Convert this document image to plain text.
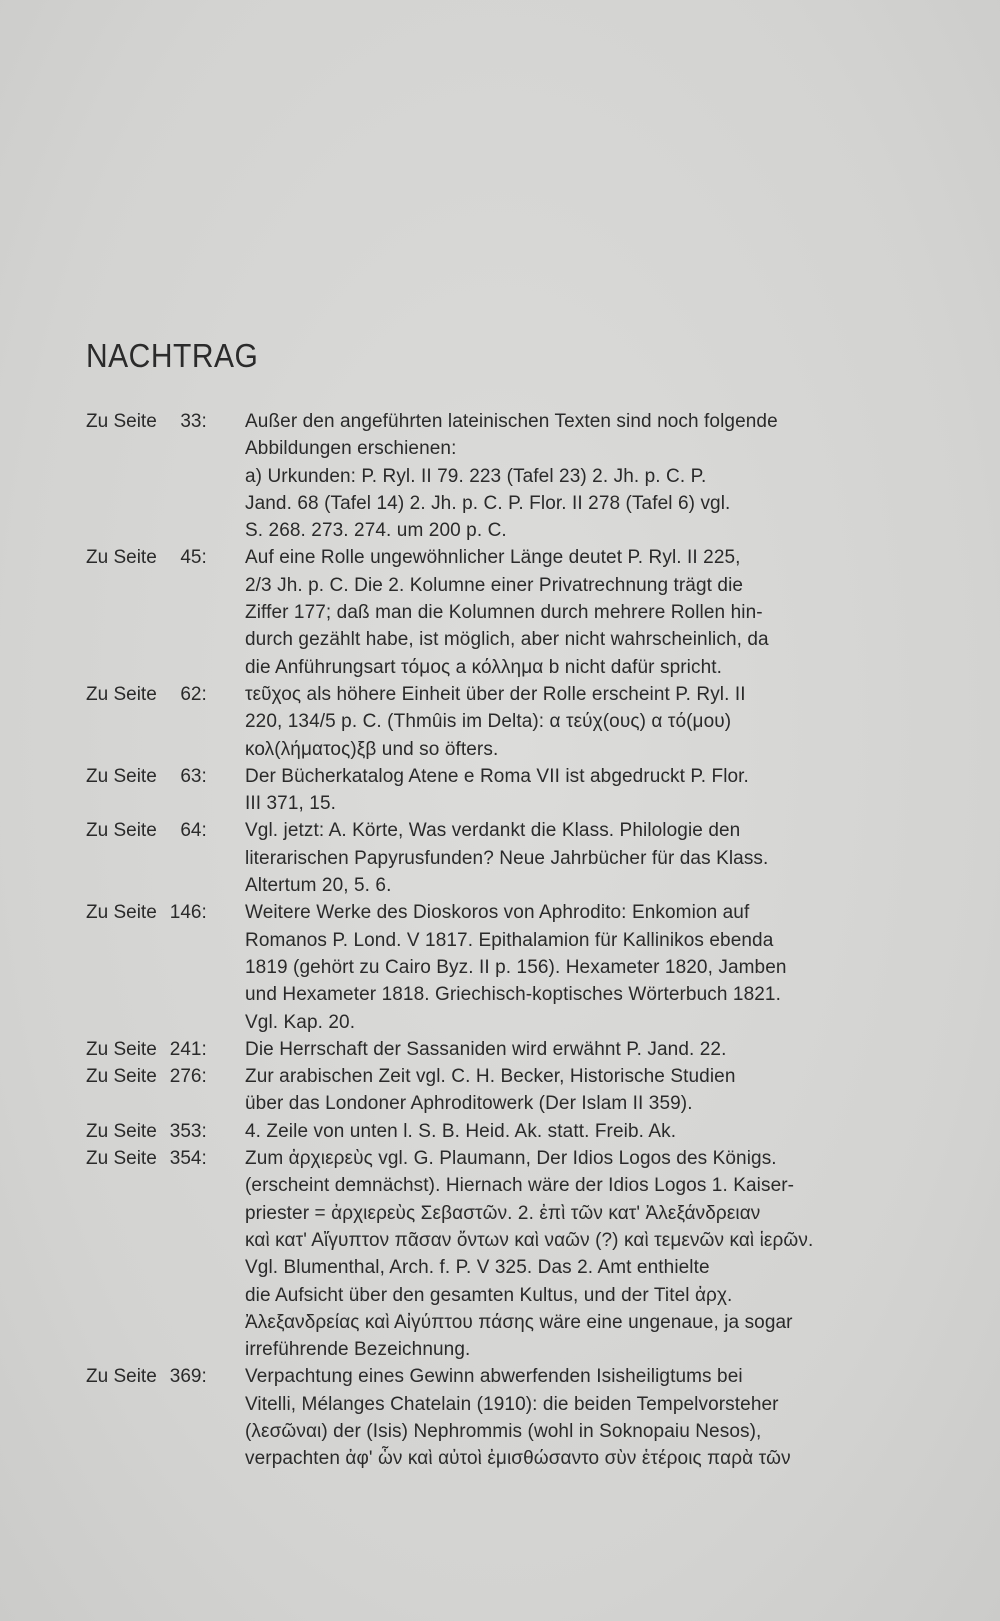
NACHTRAG
Zu Seite 33:	Außer den angeführten lateinischen Texten sind noch folgende
Abbildungen erschienen:
a) Urkunden: P. Ryl. II 79. 223 (Tafel 23) 2. Jh. p. C. P.
Jand. 68 (Tafel 14) 2. Jh. p. C. P. Flor. II 278 (Tafel 6) vgl.
S. 268. 273. 274. um 200 p. C.
Zu Seite 45:	Auf eine Rolle ungewöhnlicher Länge deutet P. Ryl. II 225,
2/3 Jh. p. C. Die 2. Kolumne einer Privatrechnung trägt die
Ziffer 177; daß man die Kolumnen durch mehrere Rollen hin-
durch gezählt habe, ist möglich, aber nicht wahrscheinlich, da
die Anführungsart τόμος a κόλλημα b nicht dafür spricht.
Zu Seite 62:	τεῦχος als höhere Einheit über der Rolle erscheint P. Ryl. II
220, 134/5 p. C. (Thmûis im Delta): α τεύχ(ους) α τό(μου)
κολ(λήματος)ξβ und so öfters.
Zu Seite 63:	Der Bücherkatalog Atene e Roma VII ist abgedruckt P. Flor.
III 371, 15.
Zu Seite 64:	Vgl. jetzt: A. Körte, Was verdankt die Klass. Philologie den
literarischen Papyrusfunden? Neue Jahrbücher für das Klass.
Altertum 20, 5. 6.
Zu Seite 146:	Weitere Werke des Dioskoros von Aphrodito: Enkomion auf
Romanos P. Lond. V 1817. Epithalamion für Kallinikos ebenda
1819 (gehört zu Cairo Byz. II p. 156). Hexameter 1820, Jamben
und Hexameter 1818. Griechisch-koptisches Wörterbuch 1821.
Vgl. Kap. 20.
Zu Seite 241:	Die Herrschaft der Sassaniden wird erwähnt P. Jand. 22.
Zu Seite 276:	Zur arabischen Zeit vgl. C. H. Becker, Historische Studien
über das Londoner Aphroditowerk (Der Islam II 359).
Zu Seite 353:	4. Zeile von unten l. S. B. Heid. Ak. statt. Freib. Ak.
Zu Seite 354:	Zum ἀρχιερεὺς vgl. G. Plaumann, Der Idios Logos des Königs.
(erscheint demnächst). Hiernach wäre der Idios Logos 1. Kaiser-
priester = ἀρχιερεὺς Σεβαστῶν. 2. ἐπὶ τῶν κατ' Ἀλεξάνδρειαν
καὶ κατ' Αἴγυπτον πᾶσαν ὄντων καὶ ναῶν (?) καὶ τεμενῶν καὶ ἱερῶν.
Vgl. Blumenthal, Arch. f. P. V 325. Das 2. Amt enthielte
die Aufsicht über den gesamten Kultus, und der Titel ἀρχ.
Ἀλεξανδρείας καὶ Αἰγύπτου πάσης wäre eine ungenaue, ja sogar
irreführende Bezeichnung.
Zu Seite 369:	Verpachtung eines Gewinn abwerfenden Isisheiligtums bei
Vitelli, Mélanges Chatelain (1910): die beiden Tempelvorsteher
(λεσῶναι) der (Isis) Nephrommis (wohl in Soknopaiu Nesos),
verpachten ἀφ' ὧν καὶ αὐτοὶ ἐμισθώσαντο σὺν ἑτέροις παρὰ τῶν
